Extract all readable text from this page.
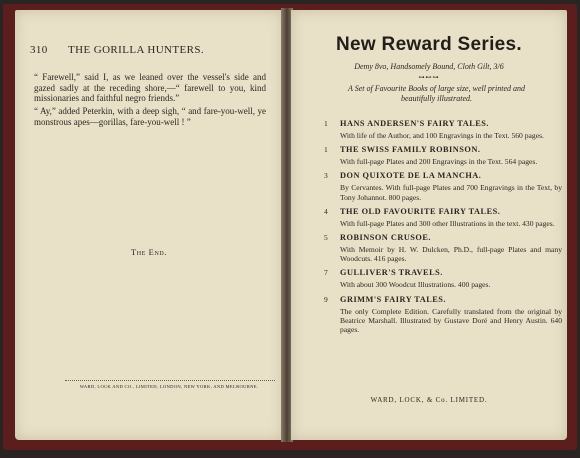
310 THE GORILLA HUNTERS.
“ Farewell,” said I, as we leaned over the vessel's side and gazed sadly at the receding shore,—“ farewell to you, kind missionaries and faithful negro friends.”
“ Ay,” added Peterkin, with a deep sigh, “ and fare-you-well, ye monstrous apes—gorillas, fare-you-well ! ”
The End.
WARD, LOCK AND CO., LIMITED, LONDON, NEW YORK, AND MELBOURNE.
New Reward Series.
Demy 8vo, Handsomely Bound, Cloth Gilt, 3/6
⊶⊷⊶
A Set of Favourite Books of large size, well printed and beautifully illustrated.
1 HANS ANDERSEN'S FAIRY TALES.
With life of the Author, and 100 Engravings in the Text. 560 pages.
1 THE SWISS FAMILY ROBINSON.
With full-page Plates and 200 Engravings in the Text. 564 pages.
3 DON QUIXOTE DE LA MANCHA.
By Cervantes. With full-page Plates and 700 Engravings in the Text, by Tony Johannot. 800 pages.
4 THE OLD FAVOURITE FAIRY TALES.
With full-page Plates and 300 other Illustrations in the text. 430 pages.
5 ROBINSON CRUSOE.
With Memoir by H. W. Dulcken, Ph.D., full-page Plates and many Woodcuts. 416 pages.
7 GULLIVER'S TRAVELS.
With about 300 Woodcut Illustrations. 400 pages.
9 GRIMM'S FAIRY TALES.
The only Complete Edition. Carefully translated from the original by Beatrice Marshall. Illustrated by Gustave Doré and Henry Austin. 640 pages.
WARD, LOCK, & Co. LIMITED.
